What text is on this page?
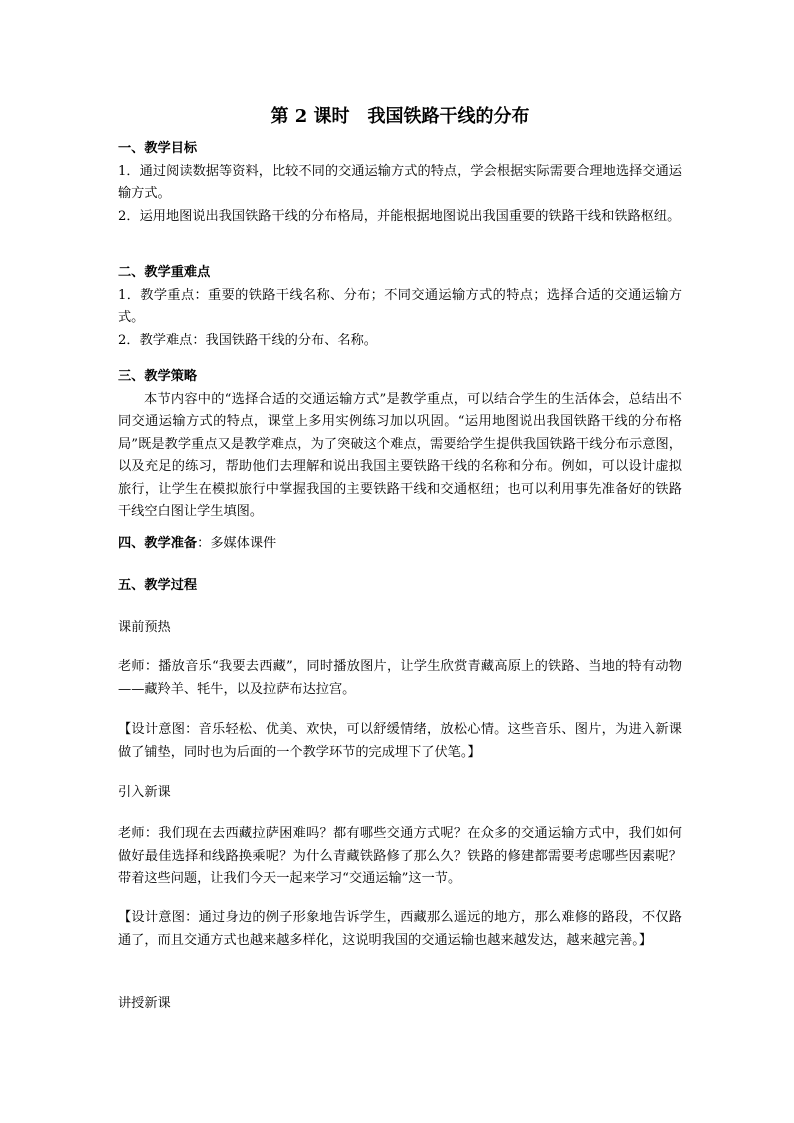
第 2 课时　我国铁路干线的分布

一、教学目标

1．通过阅读数据等资料，比较不同的交通运输方式的特点，学会根据实际需要合理地选择交通运输方式。

2．运用地图说出我国铁路干线的分布格局，并能根据地图说出我国重要的铁路干线和铁路枢纽。

二、教学重难点

1．教学重点：重要的铁路干线名称、分布；不同交通运输方式的特点；选择合适的交通运输方式。

2．教学难点：我国铁路干线的分布、名称。

三、教学策略

本节内容中的“选择合适的交通运输方式”是教学重点，可以结合学生的生活体会，总结出不同交通运输方式的特点，课堂上多用实例练习加以巩固。“运用地图说出我国铁路干线的分布格局”既是教学重点又是教学难点，为了突破这个难点，需要给学生提供我国铁路干线分布示意图，以及充足的练习，帮助他们去理解和说出我国主要铁路干线的名称和分布。例如，可以设计虚拟旅行，让学生在模拟旅行中掌握我国的主要铁路干线和交通枢纽；也可以利用事先准备好的铁路干线空白图让学生填图。

四、教学准备：多媒体课件

五、教学过程

课前预热
老师：播放音乐“我要去西藏”，同时播放图片，让学生欣赏青藏高原上的铁路、当地的特有动物——藏羚羊、牦牛，以及拉萨布达拉宫。
【设计意图：音乐轻松、优美、欢快，可以舒缓情绪，放松心情。这些音乐、图片，为进入新课做了铺垫，同时也为后面的一个教学环节的完成埋下了伏笔。】
引入新课
老师：我们现在去西藏拉萨困难吗？都有哪些交通方式呢？在众多的交通运输方式中，我们如何做好最佳选择和线路换乘呢？为什么青藏铁路修了那么久？铁路的修建都需要考虑哪些因素呢？带着这些问题，让我们今天一起来学习“交通运输”这一节。
【设计意图：通过身边的例子形象地告诉学生，西藏那么遥远的地方，那么难修的路段，不仅路通了，而且交通方式也越来越多样化，这说明我国的交通运输也越来越发达，越来越完善。】
讲授新课
